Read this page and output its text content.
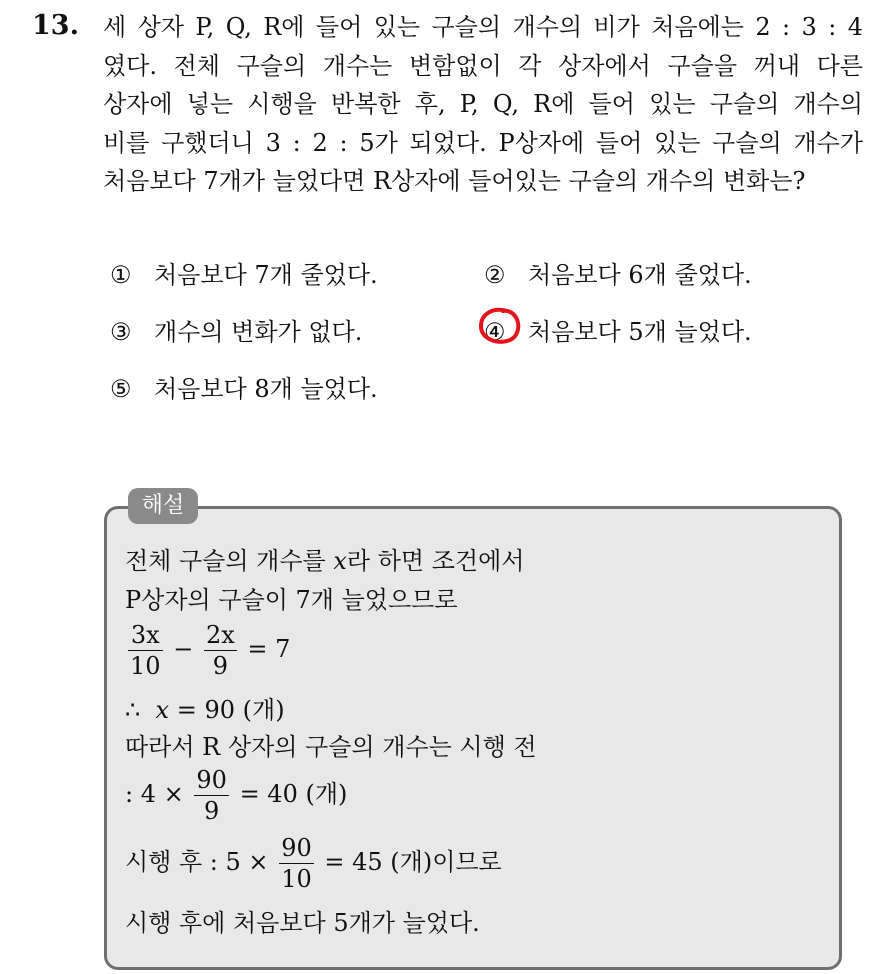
13. 세 상자 P, Q, R에 들어 있는 구슬의 개수의 비가 처음에는 2 : 3 : 4
였다. 전체 구슬의 개수는 변함없이 각 상자에서 구슬을 꺼내 다른
상자에 넣는 시행을 반복한 후, P, Q, R에 들어 있는 구슬의 개수의
비를 구했더니 3 : 2 : 5가 되었다. P상자에 들어 있는 구슬의 개수가
처음보다 7개가 늘었다면 R상자에 들어있는 구슬의 개수의 변화는?
① 처음보다 7개 줄었다.	② 처음보다 6개 줄었다.
③ 개수의 변화가 없다.	④ 처음보다 5개 늘었다.
⑤ 처음보다 8개 늘었다.
해설
전체 구슬의 개수를 x라 하면 조건에서
P상자의 구슬이 7개 늘었으므로
$\frac{3x}{10} - \frac{2x}{9} = 7$
∴ x = 90 (개)
따라서 R 상자의 구슬의 개수는 시행 전
: $4 \times \frac{90}{9} = 40$ (개)
시행 후 : $5 \times \frac{90}{10} = 45$ (개)이므로
시행 후에 처음보다 5개가 늘었다.
